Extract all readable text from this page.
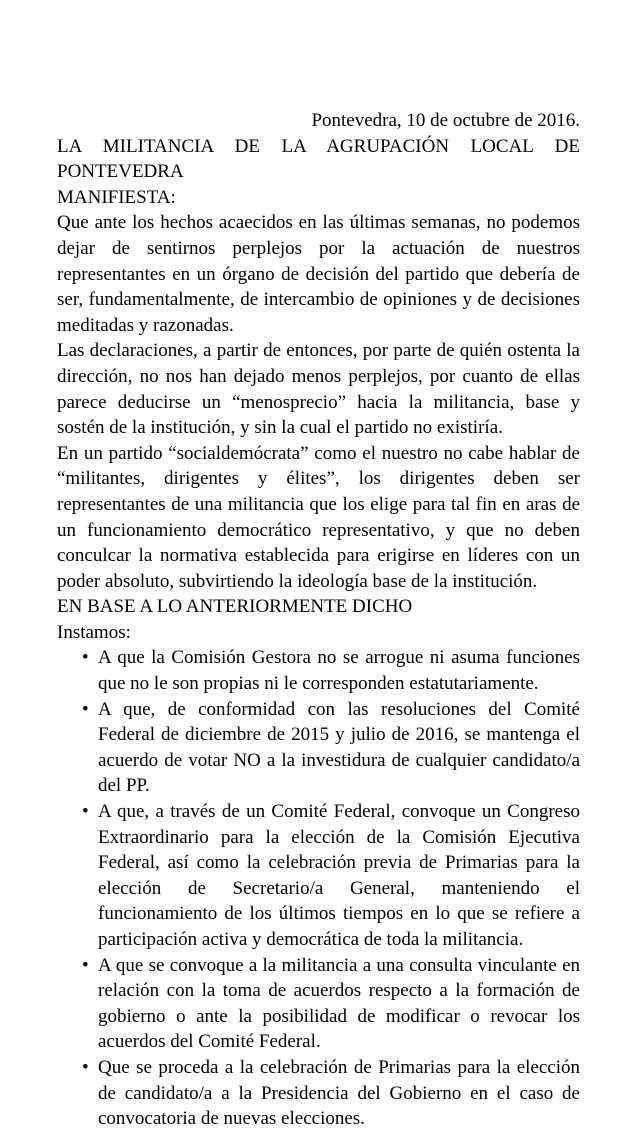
Pontevedra, 10 de octubre de 2016.

LA MILITANCIA DE LA AGRUPACIÓN LOCAL DE PONTEVEDRA

MANIFIESTA:

Que ante los hechos acaecidos en las últimas semanas, no podemos dejar de sentirnos perplejos por la actuación de nuestros representantes en un órgano de decisión del partido que debería de ser, fundamentalmente, de intercambio de opiniones y de decisiones meditadas y razonadas.

Las declaraciones, a partir de entonces, por parte de quién ostenta la dirección, no nos han dejado menos perplejos, por cuanto de ellas parece deducirse un “menosprecio” hacia la militancia, base y sostén de la institución, y sin la cual el partido no existiría.

En un partido “socialdemócrata” como el nuestro no cabe hablar de “militantes, dirigentes y élites”, los dirigentes deben ser representantes de una militancia que los elige para tal fin en aras de un funcionamiento democrático representativo, y que no deben conculcar la normativa establecida para erigirse en líderes con un poder absoluto, subvirtiendo la ideología base de la institución.

EN BASE A LO ANTERIORMENTE DICHO

Instamos:

• A que la Comisión Gestora no se arrogue ni asuma funciones que no le son propias ni le corresponden estatutariamente.
• A que, de conformidad con las resoluciones del Comité Federal de diciembre de 2015 y julio de 2016, se mantenga el acuerdo de votar NO a la investidura de cualquier candidato/a del PP.
• A que, a través de un Comité Federal, convoque un Congreso Extraordinario para la elección de la Comisión Ejecutiva Federal, así como la celebración previa de Primarias para la elección de Secretario/a General, manteniendo el funcionamiento de los últimos tiempos en lo que se refiere a participación activa y democrática de toda la militancia.
• A que se convoque a la militancia a una consulta vinculante en relación con la toma de acuerdos respecto a la formación de gobierno o ante la posibilidad de modificar o revocar los acuerdos del Comité Federal.
• Que se proceda a la celebración de Primarias para la elección de candidato/a a la Presidencia del Gobierno en el caso de convocatoria de nuevas elecciones.
